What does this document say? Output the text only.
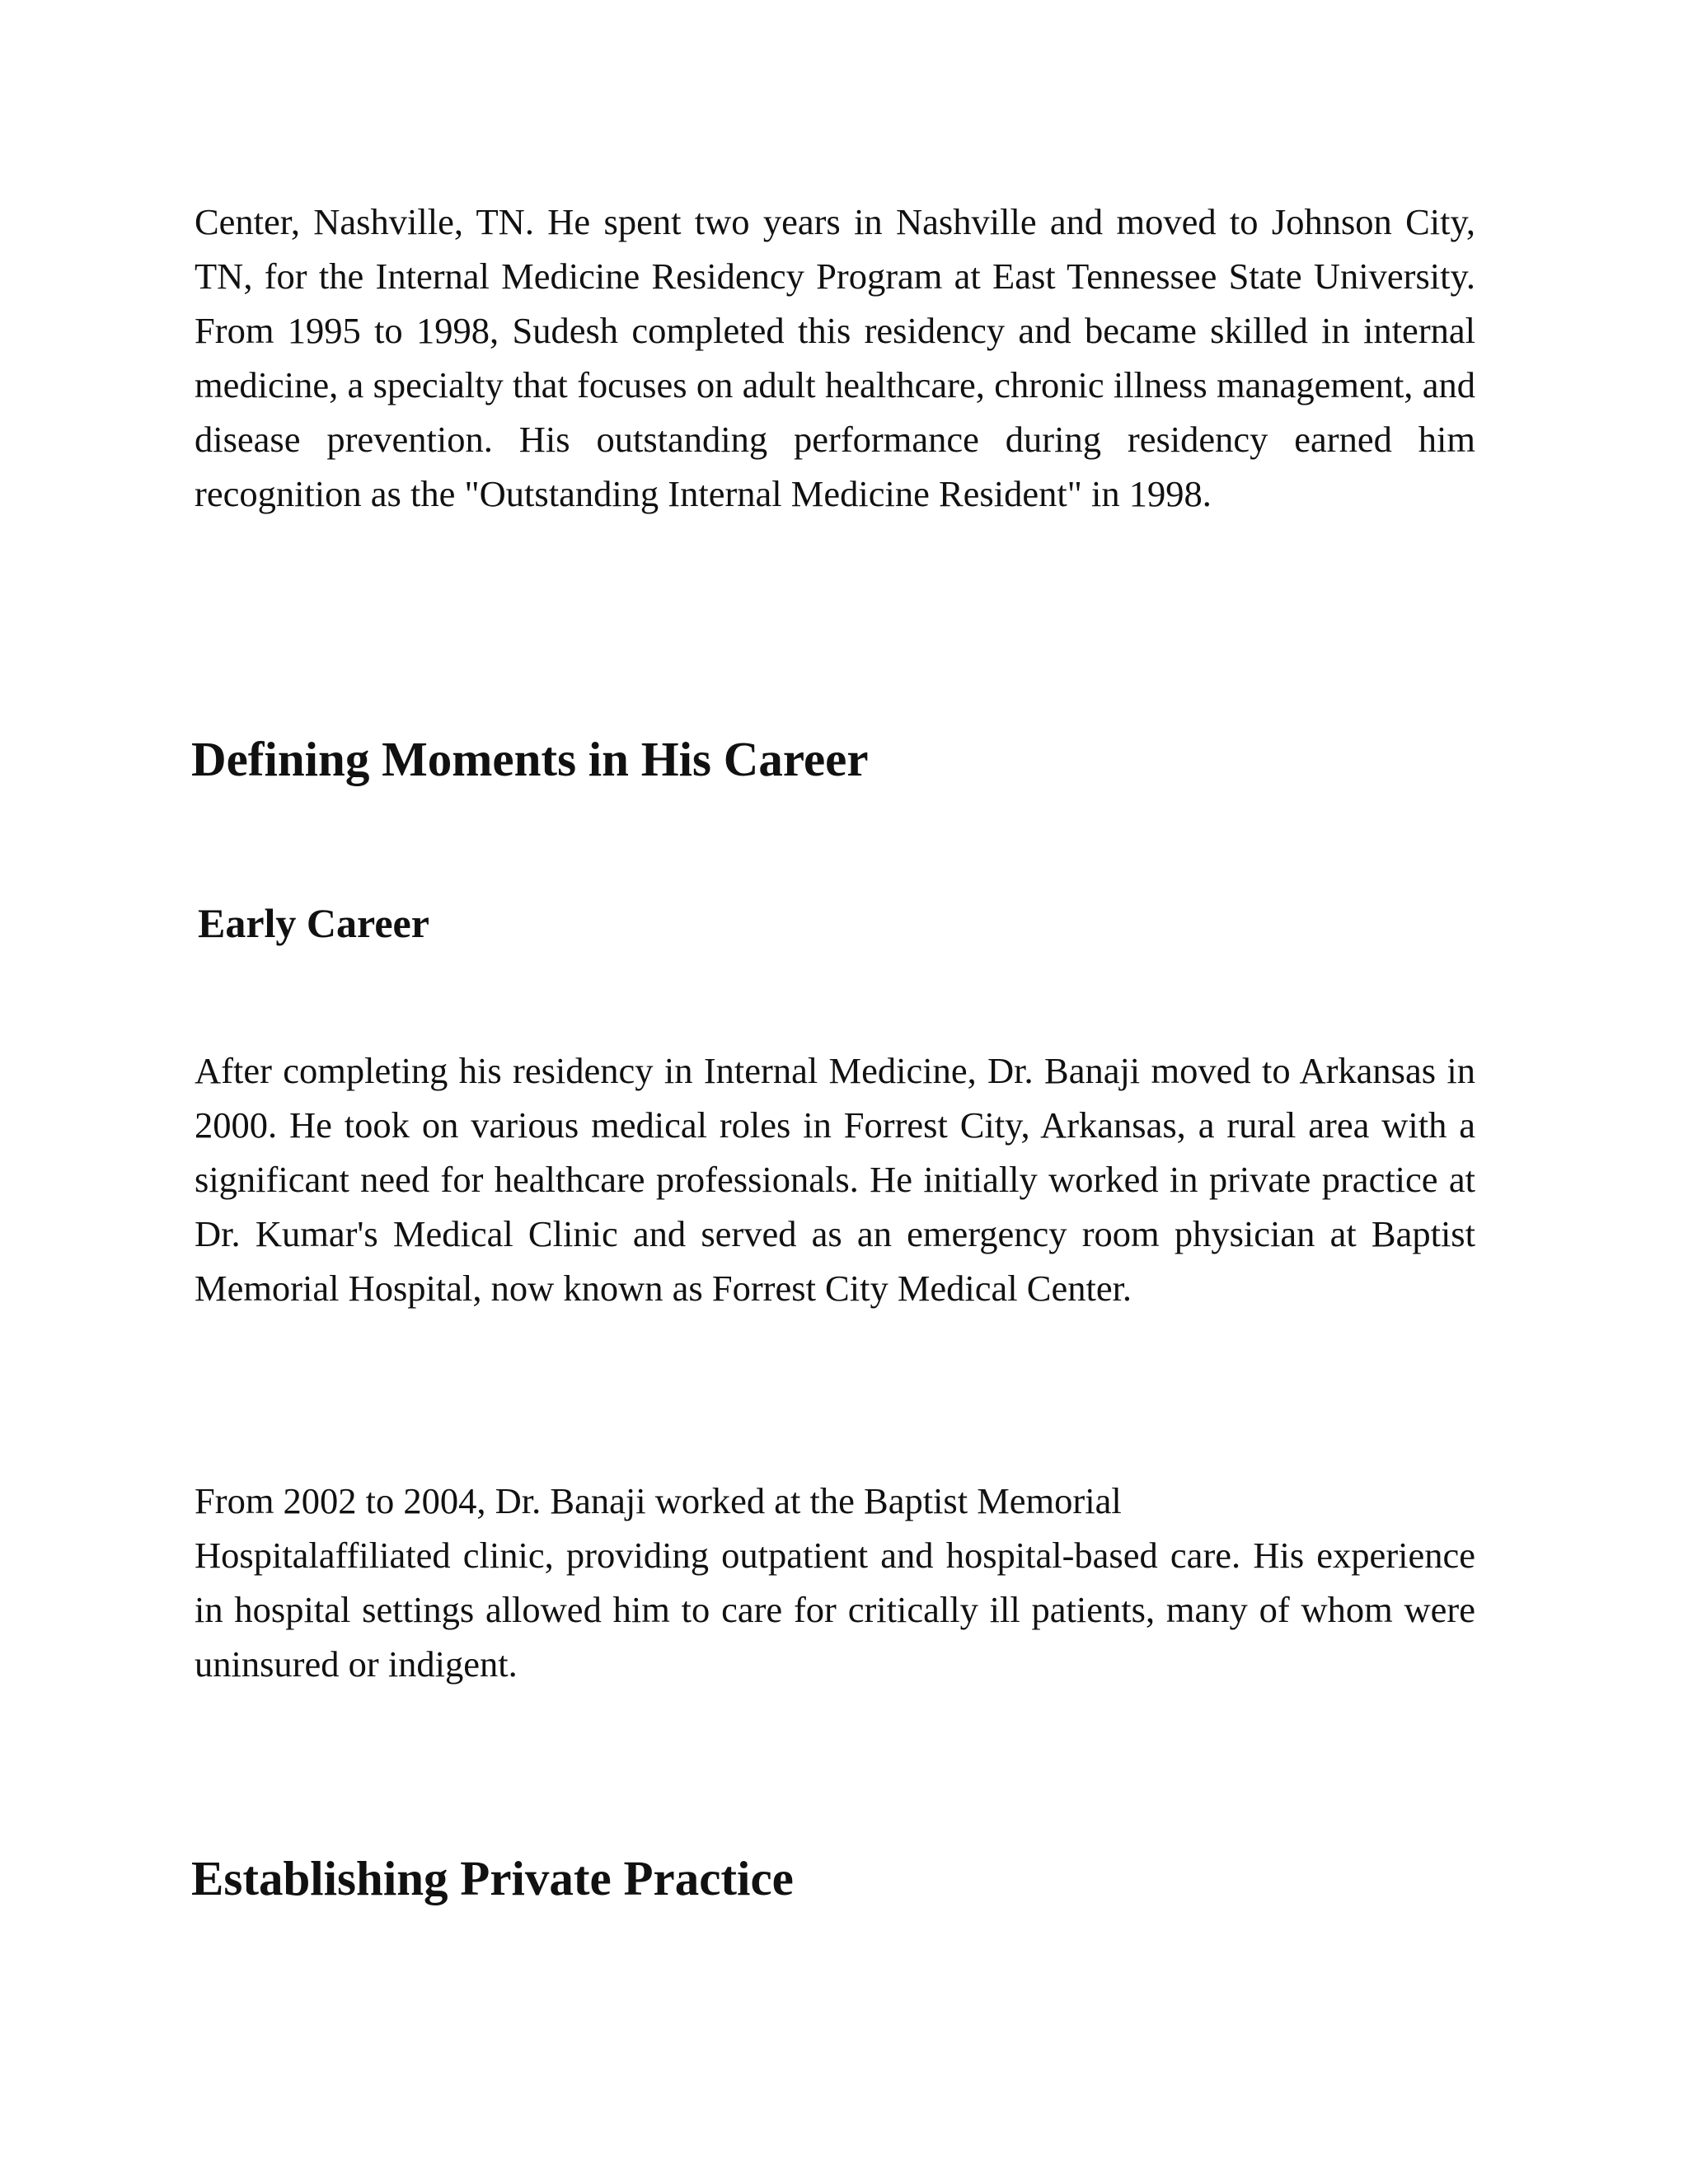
Center, Nashville, TN. He spent two years in Nashville and moved to Johnson City, TN, for the Internal Medicine Residency Program at East Tennessee State University. From 1995 to 1998, Sudesh completed this residency and became skilled in internal medicine, a specialty that focuses on adult healthcare, chronic illness management, and disease prevention. His outstanding performance during residency earned him recognition as the "Outstanding Internal Medicine Resident" in 1998.

Defining Moments in His Career
Early Career

After completing his residency in Internal Medicine, Dr. Banaji moved to Arkansas in 2000. He took on various medical roles in Forrest City, Arkansas, a rural area with a significant need for healthcare professionals. He initially worked in private practice at Dr. Kumar's Medical Clinic and served as an emergency room physician at Baptist Memorial Hospital, now known as Forrest City Medical Center.

From 2002 to 2004, Dr. Banaji worked at the Baptist Memorial

Hospitalaffiliated clinic, providing outpatient and hospital-based care. His experience in hospital settings allowed him to care for critically ill patients, many of whom were uninsured or indigent.

Establishing Private Practice
